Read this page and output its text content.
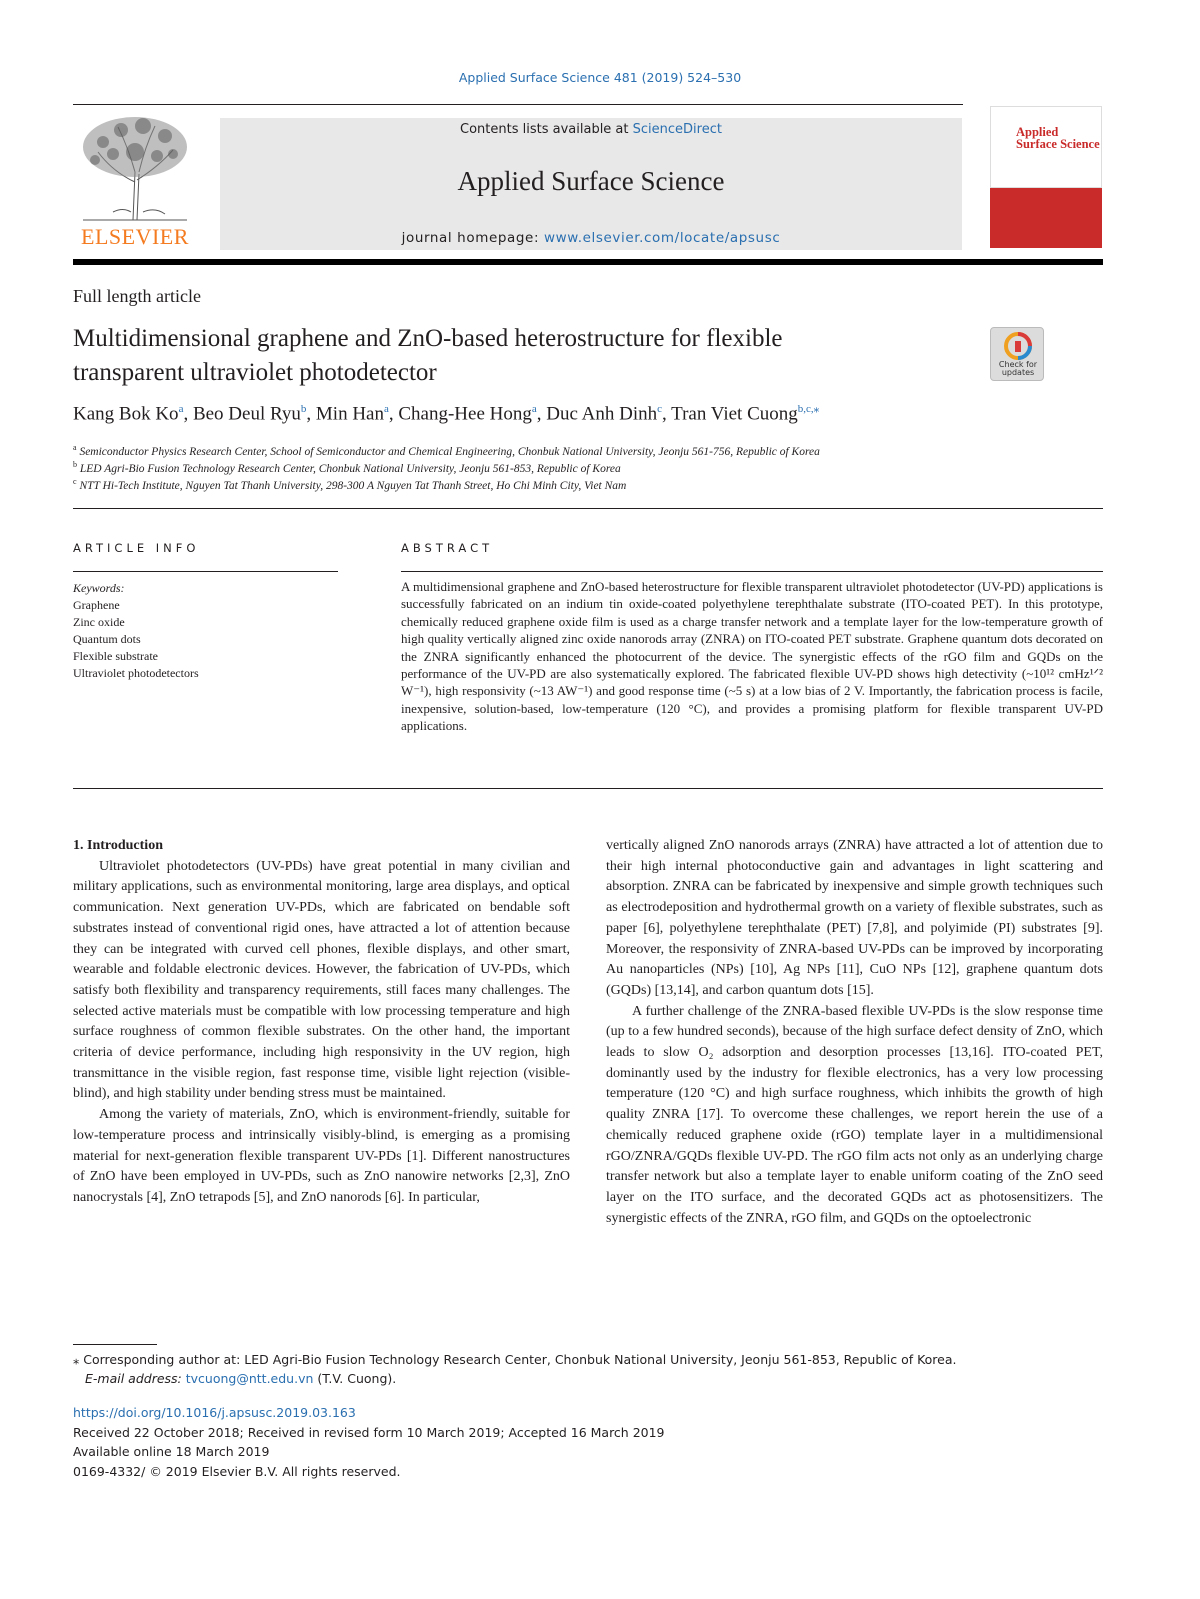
Applied Surface Science 481 (2019) 524–530
ELSEVIER
Contents lists available at ScienceDirect
Applied Surface Science
journal homepage: www.elsevier.com/locate/apsusc
Applied
Surface Science
Full length article
Multidimensional graphene and ZnO-based heterostructure for flexible
transparent ultraviolet photodetector	Check for
updates
Kang Bok Ko$^a$, Beo Deul Ryu$^b$, Min Han$^a$, Chang-Hee Hong$^a$, Duc Anh Dinh$^c$, Tran Viet Cuong$^{b,c,⁎}$
$^a$ Semiconductor Physics Research Center, School of Semiconductor and Chemical Engineering, Chonbuk National University, Jeonju 561-756, Republic of Korea
$^b$ LED Agri-Bio Fusion Technology Research Center, Chonbuk National University, Jeonju 561-853, Republic of Korea
$^c$ NTT Hi-Tech Institute, Nguyen Tat Thanh University, 298-300 A Nguyen Tat Thanh Street, Ho Chi Minh City, Viet Nam
ARTICLE INFO
Keywords:
Graphene
Zinc oxide
Quantum dots
Flexible substrate
Ultraviolet photodetectors
ABSTRACT
A multidimensional graphene and ZnO-based heterostructure for flexible transparent ultraviolet photodetector (UV-PD) applications is successfully fabricated on an indium tin oxide-coated polyethylene terephthalate substrate (ITO-coated PET). In this prototype, chemically reduced graphene oxide film is used as a charge transfer network and a template layer for the low-temperature growth of high quality vertically aligned zinc oxide nanorods array (ZNRA) on ITO-coated PET substrate. Graphene quantum dots decorated on the ZNRA significantly enhanced the photocurrent of the device. The synergistic effects of the rGO film and GQDs on the performance of the UV-PD are also systematically explored. The fabricated flexible UV-PD shows high detectivity (~10¹² cmHz¹ᐟ² W⁻¹), high responsivity (~13 AW⁻¹) and good response time (~5 s) at a low bias of 2 V. Importantly, the fabrication process is facile, inexpensive, solution-based, low-temperature (120 °C), and provides a promising platform for flexible transparent UV-PD applications.

1. Introduction

Ultraviolet photodetectors (UV-PDs) have great potential in many civilian and military applications, such as environmental monitoring, large area displays, and optical communication. Next generation UV-PDs, which are fabricated on bendable soft substrates instead of conventional rigid ones, have attracted a lot of attention because they can be integrated with curved cell phones, flexible displays, and other smart, wearable and foldable electronic devices. However, the fabrication of UV-PDs, which satisfy both flexibility and transparency requirements, still faces many challenges. The selected active materials must be compatible with low processing temperature and high surface roughness of common flexible substrates. On the other hand, the important criteria of device performance, including high responsivity in the UV region, high transmittance in the visible region, fast response time, visible light rejection (visible-blind), and high stability under bending stress must be maintained.

Among the variety of materials, ZnO, which is environment-friendly, suitable for low-temperature process and intrinsically visibly-blind, is emerging as a promising material for next-generation flexible transparent UV-PDs [1]. Different nanostructures of ZnO have been employed in UV-PDs, such as ZnO nanowire networks [2,3], ZnO nanocrystals [4], ZnO tetrapods [5], and ZnO nanorods [6]. In particular,

vertically aligned ZnO nanorods arrays (ZNRA) have attracted a lot of attention due to their high internal photoconductive gain and advantages in light scattering and absorption. ZNRA can be fabricated by inexpensive and simple growth techniques such as electrodeposition and hydrothermal growth on a variety of flexible substrates, such as paper [6], polyethylene terephthalate (PET) [7,8], and polyimide (PI) substrates [9]. Moreover, the responsivity of ZNRA-based UV-PDs can be improved by incorporating Au nanoparticles (NPs) [10], Ag NPs [11], CuO NPs [12], graphene quantum dots (GQDs) [13,14], and carbon quantum dots [15].

A further challenge of the ZNRA-based flexible UV-PDs is the slow response time (up to a few hundred seconds), because of the high surface defect density of ZnO, which leads to slow O₂ adsorption and desorption processes [13,16]. ITO-coated PET, dominantly used by the industry for flexible electronics, has a very low processing temperature (120 °C) and high surface roughness, which inhibits the growth of high quality ZNRA [17]. To overcome these challenges, we report herein the use of a chemically reduced graphene oxide (rGO) template layer in a multidimensional rGO/ZNRA/GQDs flexible UV-PD. The rGO film acts not only as an underlying charge transfer network but also a template layer to enable uniform coating of the ZnO seed layer on the ITO surface, and the decorated GQDs act as photosensitizers. The synergistic effects of the ZNRA, rGO film, and GQDs on the optoelectronic

⁎ Corresponding author at: LED Agri-Bio Fusion Technology Research Center, Chonbuk National University, Jeonju 561-853, Republic of Korea.
E-mail address: tvcuong@ntt.edu.vn (T.V. Cuong).
https://doi.org/10.1016/j.apsusc.2019.03.163
Received 22 October 2018; Received in revised form 10 March 2019; Accepted 16 March 2019
Available online 18 March 2019
0169-4332/ © 2019 Elsevier B.V. All rights reserved.
